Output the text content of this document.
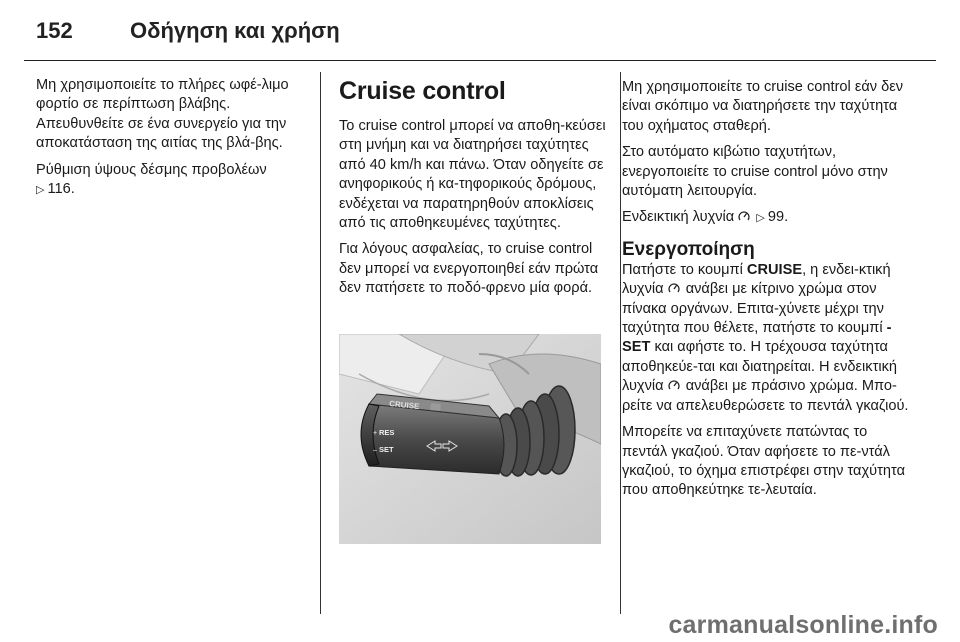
152	Οδήγηση και χρήση

Μη χρησιμοποιείτε το πλήρες ωφέ-λιμο φορτίο σε περίπτωση βλάβης. Απευθυνθείτε σε ένα συνεργείο για την αποκατάσταση της αιτίας της βλά-βης.

Ρύθμιση ύψους δέσμης προβολέων
▷ 116.

Cruise control

Το cruise control μπορεί να αποθη-κεύσει στη μνήμη και να διατηρήσει ταχύτητες από 40 km/h και πάνω. Όταν οδηγείτε σε ανηφορικούς ή κα-τηφορικούς δρόμους, ενδέχεται να παρατηρηθούν αποκλίσεις από τις αποθηκευμένες ταχύτητες.

Για λόγους ασφαλείας, το cruise control δεν μπορεί να ενεργοποιηθεί εάν πρώτα δεν πατήσετε το ποδό-φρενο μία φορά.

CRUISE
RES
SET
+
–

Μη χρησιμοποιείτε το cruise control εάν δεν είναι σκόπιμο να διατηρήσετε την ταχύτητα του οχήματος σταθερή.

Στο αυτόματο κιβώτιο ταχυτήτων, ενεργοποιείτε το cruise control μόνο στην αυτόματη λειτουργία.

Ενδεικτική λυχνία ▷ 99.

Ενεργοποίηση

Πατήστε το κουμπί CRUISE, η ενδει-κτική λυχνία ανάβει με κίτρινο χρώμα στον πίνακα οργάνων. Επιτα-χύνετε μέχρι την ταχύτητα που θέλετε, πατήστε το κουμπί - SET και αφήστε το. Η τρέχουσα ταχύτητα αποθηκεύε-ται και διατηρείται. Η ενδεικτική λυχνία ανάβει με πράσινο χρώμα. Μπο-ρείτε να απελευθερώσετε το πεντάλ γκαζιού.

Μπορείτε να επιταχύνετε πατώντας το πεντάλ γκαζιού. Όταν αφήσετε το πε-ντάλ γκαζιού, το όχημα επιστρέφει στην ταχύτητα που αποθηκεύτηκε τε-λευταία.

carmanualsonline.info
